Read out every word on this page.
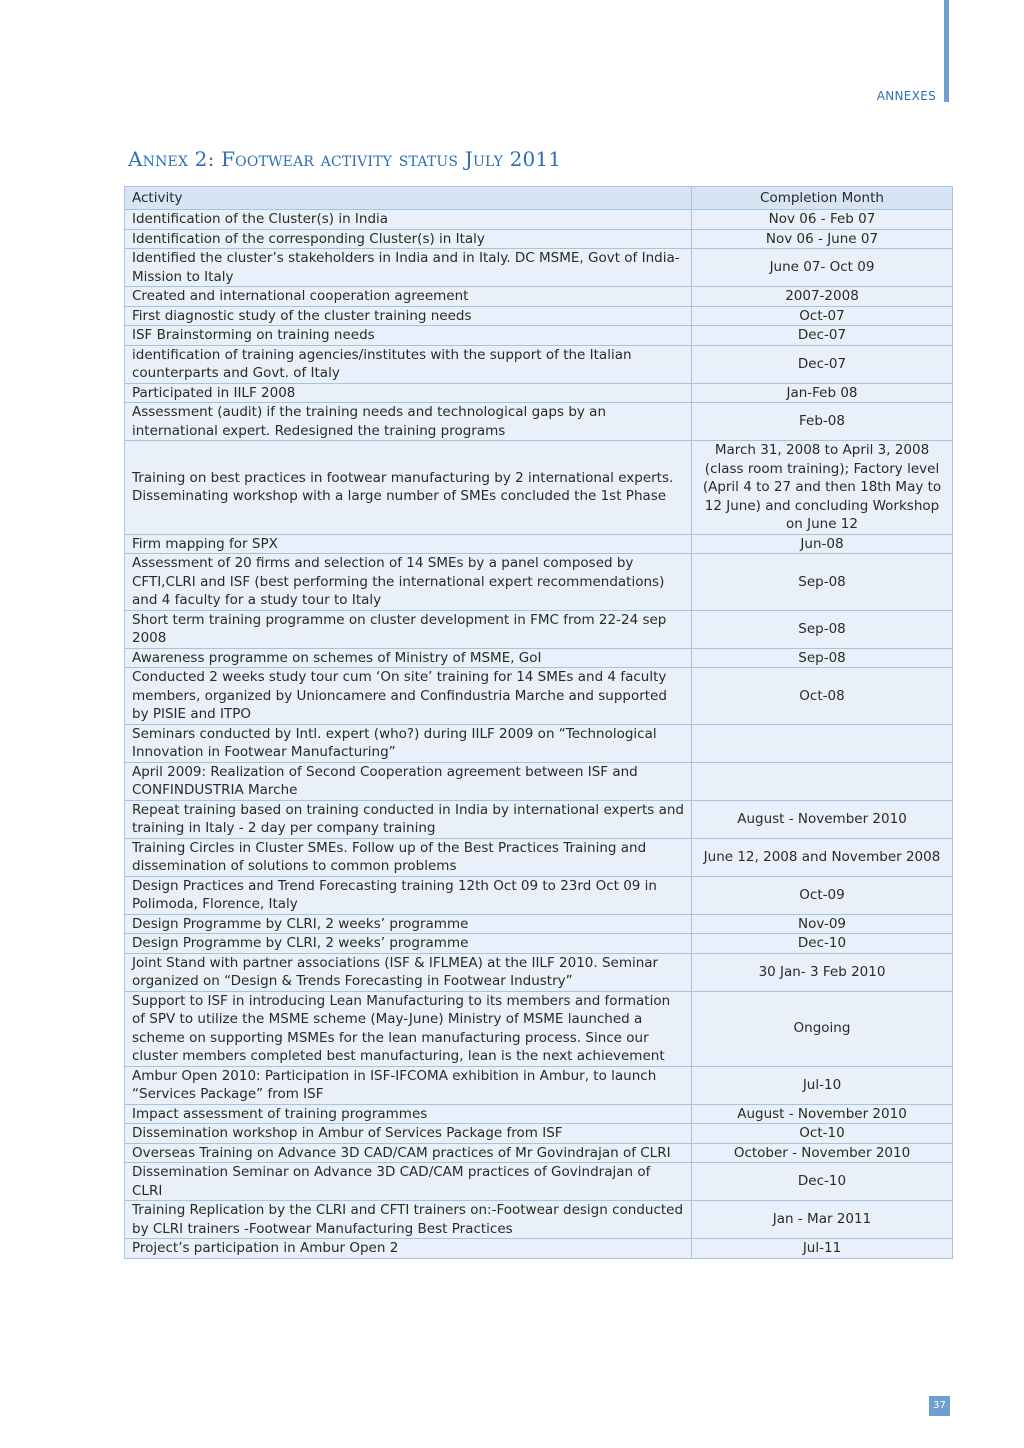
ANNEXES
Annex 2: Footwear activity status July 2011
Activity	Completion Month
Identification of the Cluster(s) in India	Nov 06 - Feb 07
Identification of the corresponding Cluster(s) in Italy	Nov 06 - June 07
Identified the cluster’s stakeholders in India and in Italy. DC MSME, Govt of India- Mission to Italy	June 07- Oct 09
Created and international cooperation agreement	2007-2008
First diagnostic study of the cluster training needs	Oct-07
ISF Brainstorming on training needs	Dec-07
identification of training agencies/institutes with the support of the Italian counterparts and Govt. of Italy	Dec-07
Participated in IILF 2008	Jan-Feb 08
Assessment (audit) if the training needs and technological gaps by an international expert. Redesigned the training programs	Feb-08
Training on best practices in footwear manufacturing by 2 international experts. Disseminating workshop with a large number of SMEs concluded the 1st Phase	March 31, 2008 to April 3, 2008 (class room training); Factory level (April 4 to 27 and then 18th May to 12 June) and concluding Workshop on June 12
Firm mapping for SPX	Jun-08
Assessment of 20 firms and selection of 14 SMEs by a panel composed by CFTI,CLRI and ISF (best performing the international expert recommendations) and 4 faculty for a study tour to Italy	Sep-08
Short term training programme on cluster development in FMC from 22-24 sep 2008	Sep-08
Awareness programme on schemes of Ministry of MSME, GoI	Sep-08
Conducted 2 weeks study tour cum ‘On site’ training for 14 SMEs and 4 faculty members, organized by Unioncamere and Confindustria Marche and supported by PISIE and ITPO	Oct-08
Seminars conducted by Intl. expert (who?) during IILF 2009 on “Technological Innovation in Footwear Manufacturing”	
April 2009: Realization of Second Cooperation agreement between ISF and CONFINDUSTRIA Marche	
Repeat training based on training conducted in India by international experts and training in Italy - 2 day per company training	August - November 2010
Training Circles in Cluster SMEs. Follow up of the Best Practices Training and dissemination of solutions to common problems	June 12, 2008 and November 2008
Design Practices and Trend Forecasting training 12th Oct 09 to 23rd Oct 09 in Polimoda, Florence, Italy	Oct-09
Design Programme by CLRI, 2 weeks’ programme	Nov-09
Design Programme by CLRI, 2 weeks’ programme	Dec-10
Joint Stand with partner associations (ISF & IFLMEA) at the IILF 2010. Seminar organized on “Design & Trends Forecasting in Footwear Industry”	30 Jan- 3 Feb 2010
Support to ISF in introducing Lean Manufacturing to its members and formation of SPV to utilize the MSME scheme (May-June) Ministry of MSME launched a scheme on supporting MSMEs for the lean manufacturing process. Since our cluster members completed best manufacturing, lean is the next achievement	Ongoing
Ambur Open 2010: Participation in ISF-IFCOMA exhibition in Ambur, to launch “Services Package” from ISF	Jul-10
Impact assessment of training programmes	August - November 2010
Dissemination workshop in Ambur of Services Package from ISF	Oct-10
Overseas Training on Advance 3D CAD/CAM practices of Mr Govindrajan of CLRI	October - November 2010
Dissemination Seminar on Advance 3D CAD/CAM practices of Govindrajan of CLRI	Dec-10
Training Replication by the CLRI and CFTI trainers on:-Footwear design conducted by CLRI trainers -Footwear Manufacturing Best Practices	Jan - Mar 2011
Project’s participation in Ambur Open 2	Jul-11
37
